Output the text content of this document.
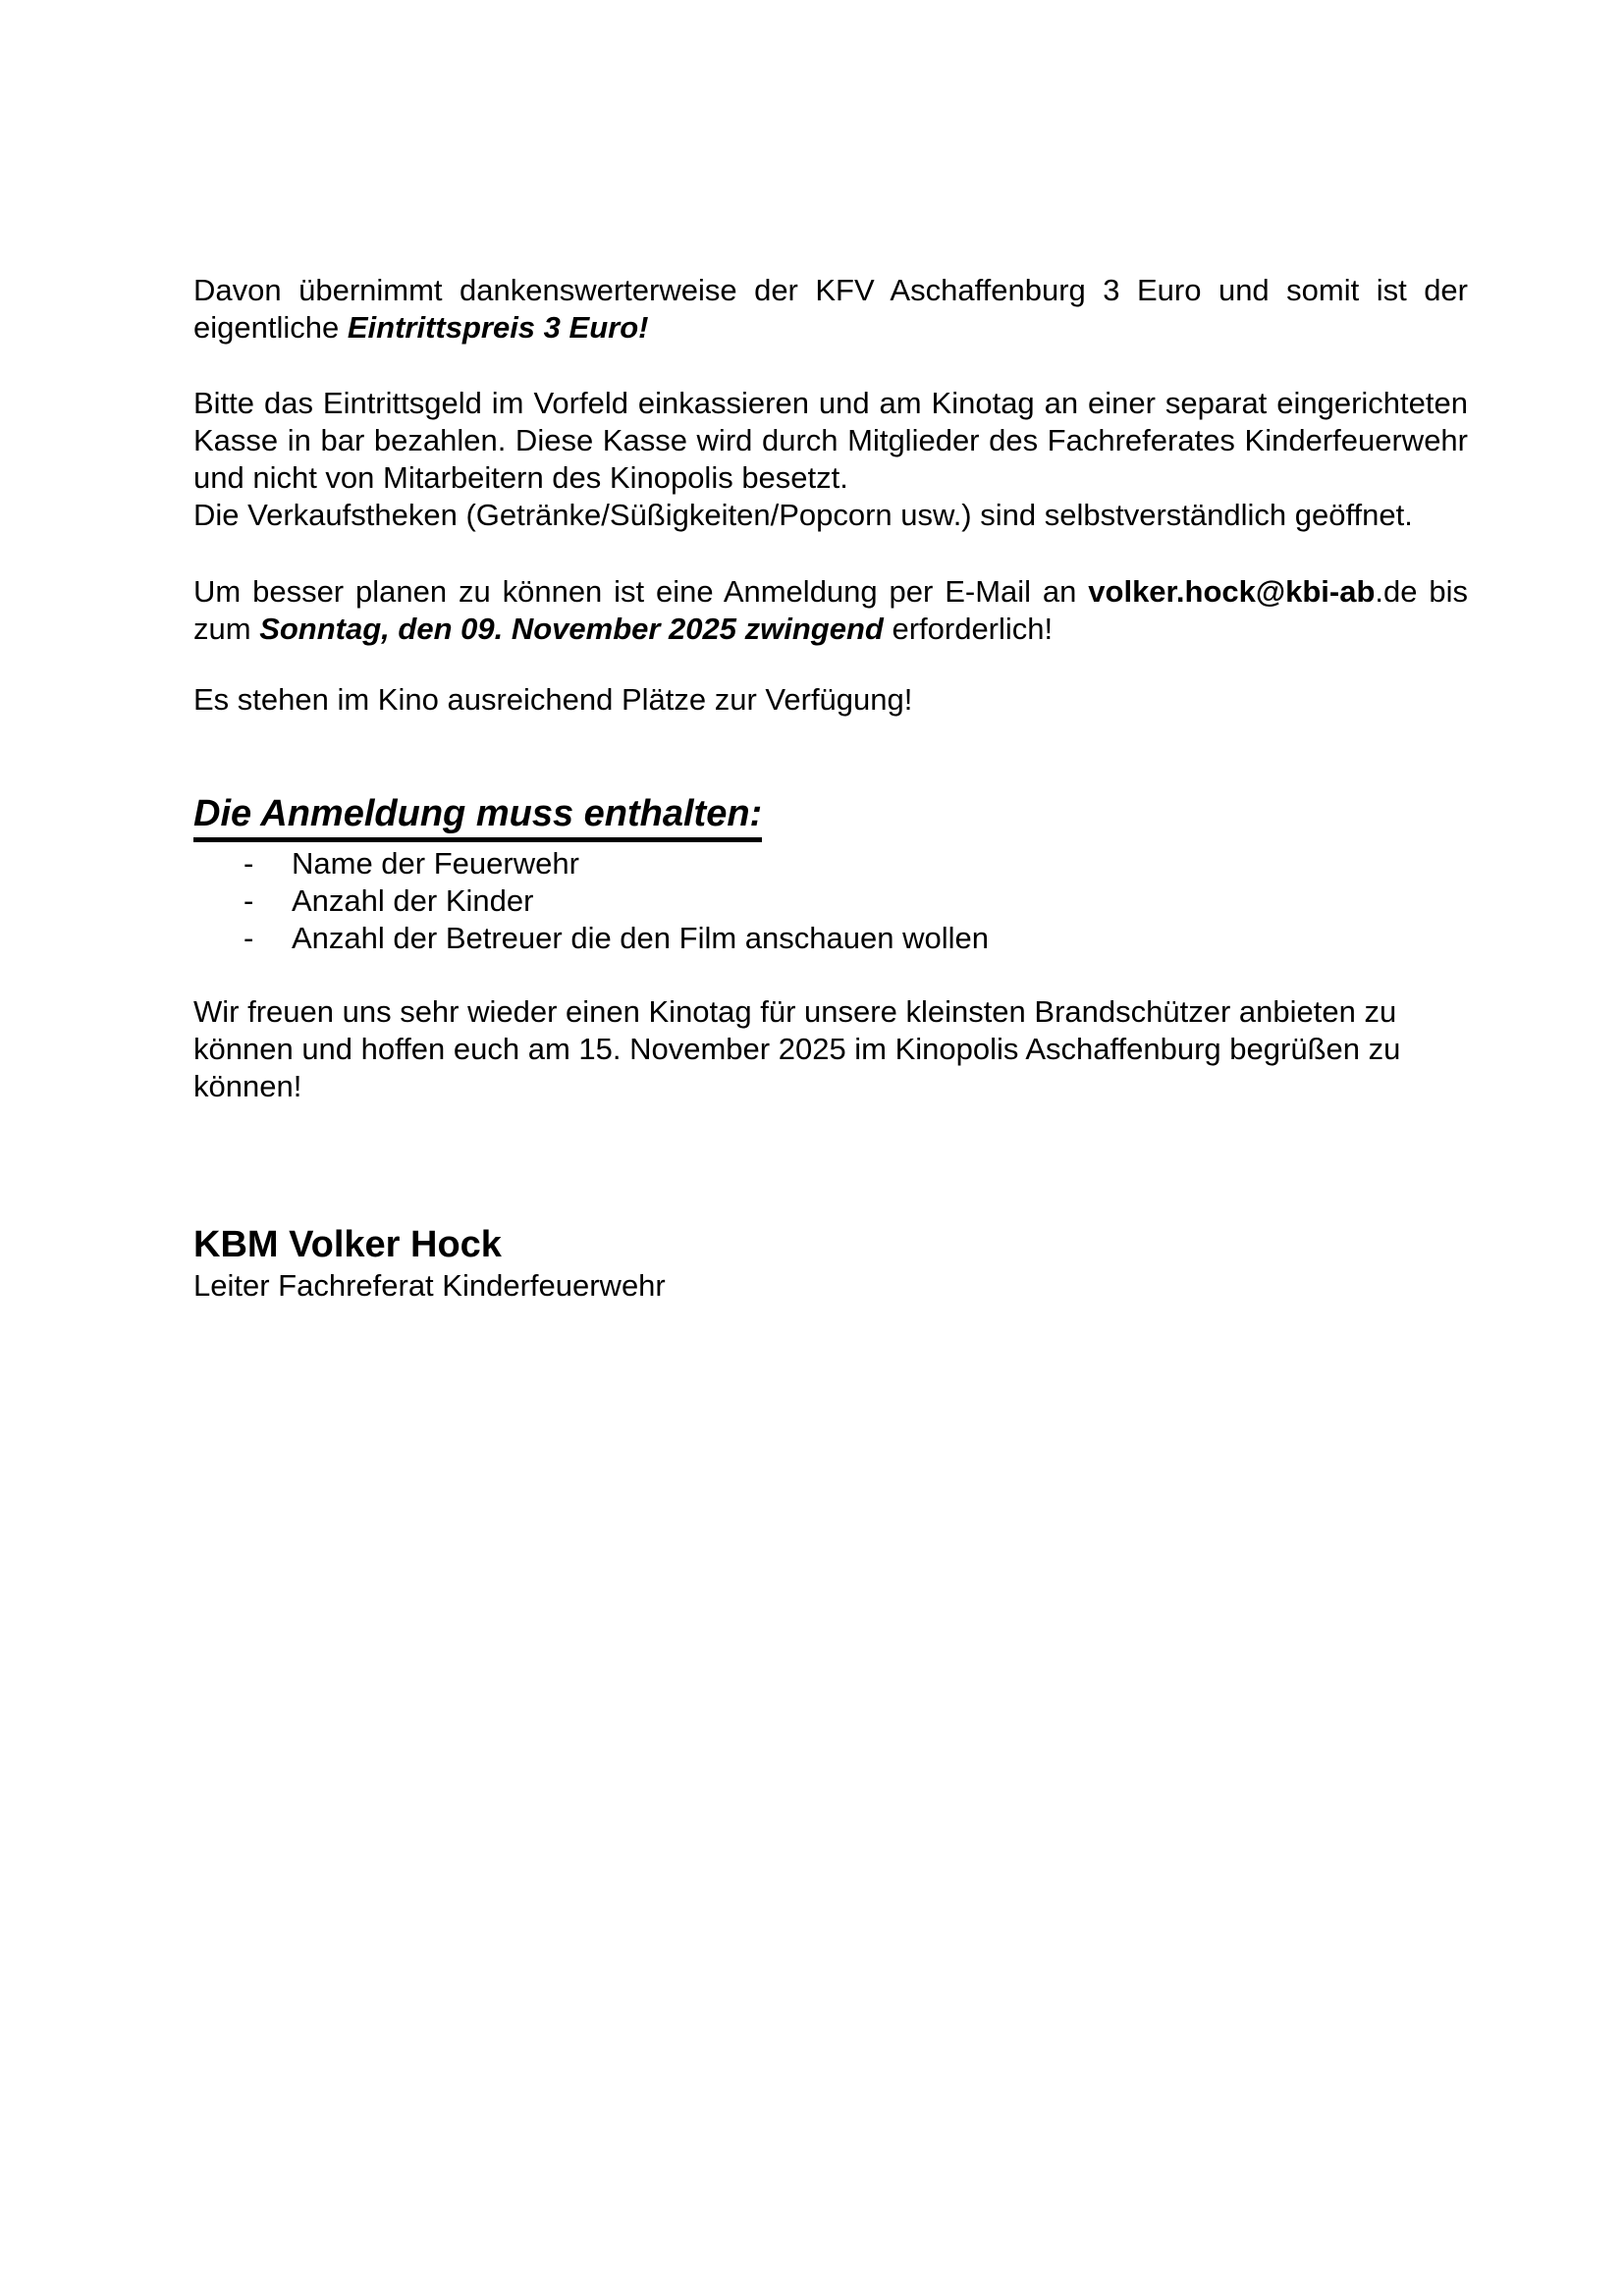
Davon übernimmt dankenswerterweise der KFV Aschaffenburg 3 Euro und somit ist der eigentliche Eintrittspreis 3 Euro!

Bitte das Eintrittsgeld im Vorfeld einkassieren und am Kinotag an einer separat eingerichteten Kasse in bar bezahlen. Diese Kasse wird durch Mitglieder des Fachreferates Kinderfeuerwehr und nicht von Mitarbeitern des Kinopolis besetzt.
Die Verkaufstheken (Getränke/Süßigkeiten/Popcorn usw.) sind selbstverständlich geöffnet.

Um besser planen zu können ist eine Anmeldung per E-Mail an volker.hock@kbi-ab.de bis zum Sonntag, den 09. November 2025 zwingend erforderlich!

Es stehen im Kino ausreichend Plätze zur Verfügung!

Die Anmeldung muss enthalten:
-	Name der Feuerwehr
-	Anzahl der Kinder
-	Anzahl der Betreuer die den Film anschauen wollen

Wir freuen uns sehr wieder einen Kinotag für unsere kleinsten Brandschützer anbieten zu können und hoffen euch am 15. November 2025 im Kinopolis Aschaffenburg begrüßen zu können!

KBM Volker Hock

Leiter Fachreferat Kinderfeuerwehr
